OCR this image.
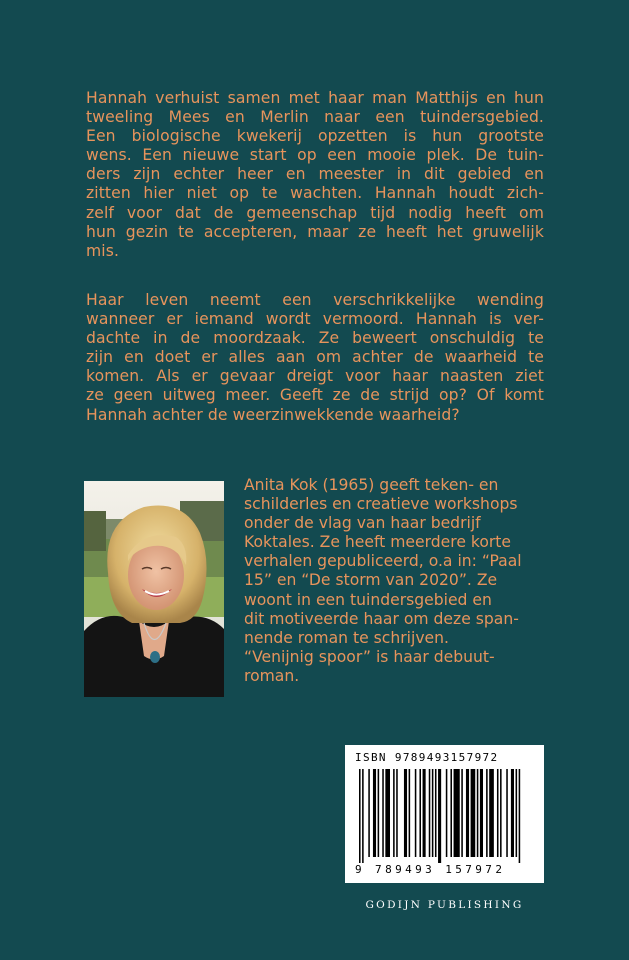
Hannah verhuist samen met haar man Matthijs en hun
tweeling Mees en Merlin naar een tuindersgebied.
Een biologische kwekerij opzetten is hun grootste
wens. Een nieuwe start op een mooie plek. De tuin-
ders zijn echter heer en meester in dit gebied en
zitten hier niet op te wachten. Hannah houdt zich-
zelf voor dat de gemeenschap tijd nodig heeft om
hun gezin te accepteren, maar ze heeft het gruwelijk
mis.
Haar leven neemt een verschrikkelijke wending
wanneer er iemand wordt vermoord. Hannah is ver-
dachte in de moordzaak. Ze beweert onschuldig te
zijn en doet er alles aan om achter de waarheid te
komen. Als er gevaar dreigt voor haar naasten ziet
ze geen uitweg meer. Geeft ze de strijd op? Of komt
Hannah achter de weerzinwekkende waarheid?
Anita Kok (1965) geeft teken- en
schilderles en creatieve workshops
onder de vlag van haar bedrijf
Koktales. Ze heeft meerdere korte
verhalen gepubliceerd, o.a in: “Paal
15” en “De storm van 2020”. Ze
woont in een tuindersgebied en
dit motiveerde haar om deze span-
nende roman te schrijven.
“Venijnig spoor” is haar debuut-
roman.
ISBN 9789493157972
9 789493 157972
GODIJN PUBLISHING
